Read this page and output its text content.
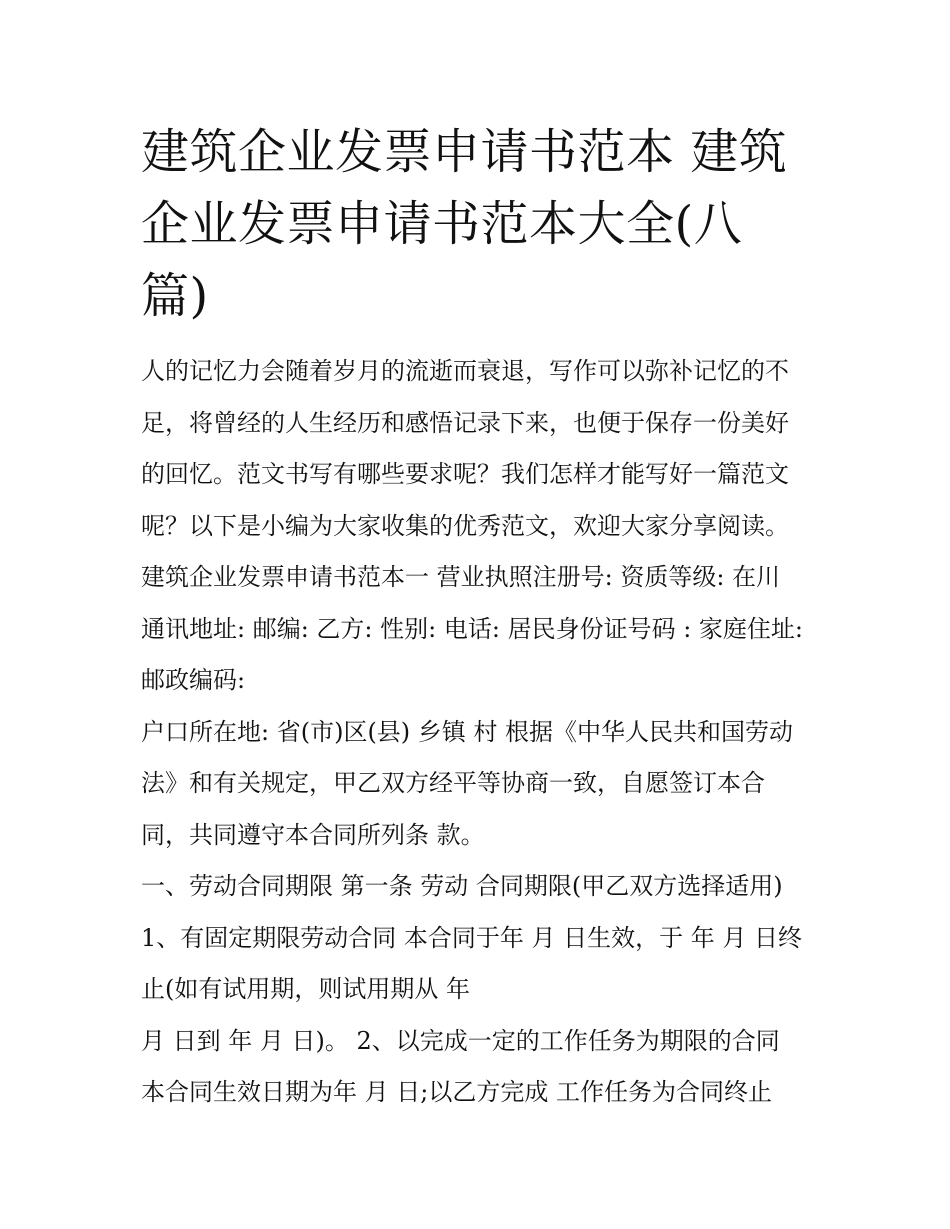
建筑企业发票申请书范本 建筑
企业发票申请书范本大全(八
篇)

人的记忆力会随着岁月的流逝而衰退，写作可以弥补记忆的不

足，将曾经的人生经历和感悟记录下来，也便于保存一份美好

的回忆。范文书写有哪些要求呢？我们怎样才能写好一篇范文

呢？以下是小编为大家收集的优秀范文，欢迎大家分享阅读。

建筑企业发票申请书范本一 营业执照注册号: 资质等级: 在川

通讯地址: 邮编: 乙方: 性别: 电话: 居民身份证号码 : 家庭住址:

邮政编码:

户口所在地: 省(市)区(县) 乡镇 村 根据《中华人民共和国劳动

法》和有关规定，甲乙双方经平等协商一致，自愿签订本合

同，共同遵守本合同所列条 款。

一、劳动合同期限 第一条 劳动 合同期限(甲乙双方选择适用)

1、有固定期限劳动合同 本合同于年 月 日生效，于 年 月 日终

止(如有试用期，则试用期从 年

月 日到 年 月 日)。 2、以完成一定的工作任务为期限的合同

本合同生效日期为年 月 日;以乙方完成 工作任务为合同终止
